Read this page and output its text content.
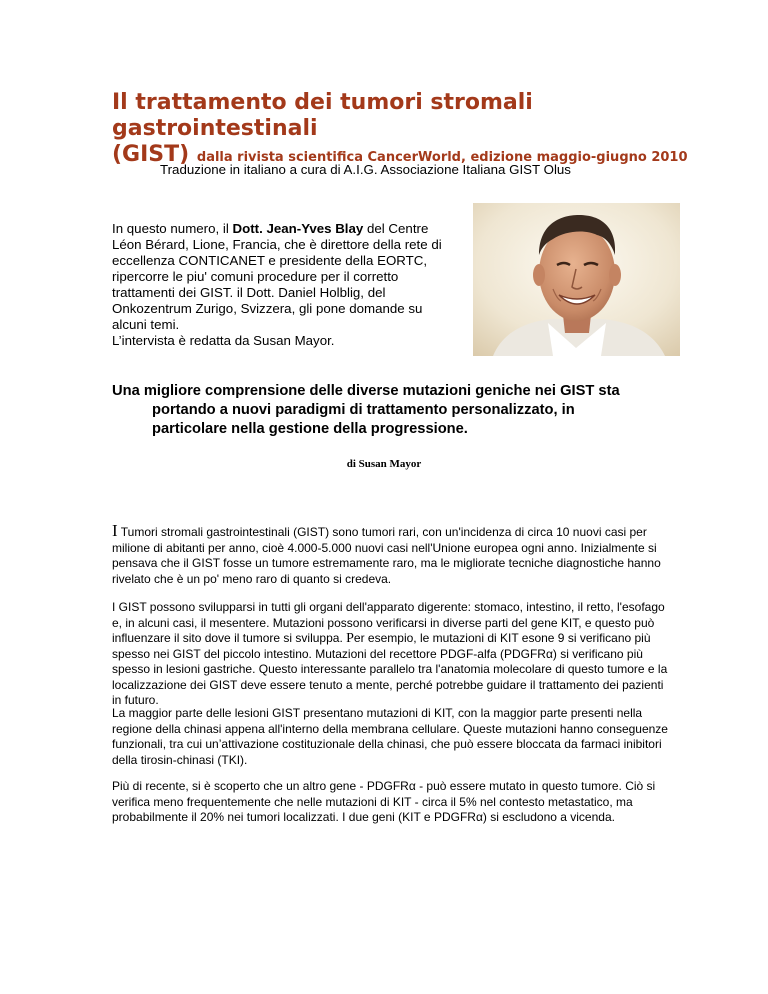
Il trattamento dei tumori stromali gastrointestinali
(GIST) dalla rivista scientifica CancerWorld, edizione maggio-giugno 2010
Traduzione in italiano a cura di A.I.G. Associazione Italiana GIST Olus

In questo numero, il Dott. Jean-Yves Blay del Centre Léon Bérard, Lione, Francia, che è direttore della rete di eccellenza CONTICANET e presidente della EORTC, ripercorre le piu' comuni procedure per il corretto trattamenti dei GIST. il Dott. Daniel Holblig, del Onkozentrum Zurigo, Svizzera, gli pone domande su alcuni temi.
L’intervista è redatta da Susan Mayor.

Una migliore comprensione delle diverse mutazioni geniche nei GIST sta
portando a nuovi paradigmi di trattamento personalizzato, in
particolare nella gestione della progressione.
di Susan Mayor

I Tumori stromali gastrointestinali (GIST) sono tumori rari, con un'incidenza di circa 10 nuovi casi per milione di abitanti per anno, cioè 4.000-5.000 nuovi casi nell'Unione europea ogni anno. Inizialmente si pensava che il GIST fosse un tumore estremamente raro, ma le migliorate tecniche diagnostiche hanno rivelato che è un po' meno raro di quanto si credeva.

I GIST possono svilupparsi in tutti gli organi dell'apparato digerente: stomaco, intestino, il retto, l'esofago e, in alcuni casi, il mesentere. Mutazioni possono verificarsi in diverse parti del gene KIT, e questo può influenzare il sito dove il tumore si sviluppa. Per esempio, le mutazioni di KIT esone 9 si verificano più spesso nei GIST del piccolo intestino. Mutazioni del recettore PDGF-alfa (PDGFRα) si verificano più spesso in lesioni gastriche. Questo interessante parallelo tra l'anatomia molecolare di questo tumore e la localizzazione dei GIST deve essere tenuto a mente, perché potrebbe guidare il trattamento dei pazienti in futuro.

La maggior parte delle lesioni GIST presentano mutazioni di KIT, con la maggior parte presenti nella regione della chinasi appena all'interno della membrana cellulare. Queste mutazioni hanno conseguenze funzionali, tra cui un’attivazione costituzionale della chinasi, che può essere bloccata da farmaci inibitori della tirosin-chinasi (TKI).

Più di recente, si è scoperto che un altro gene - PDGFRα - può essere mutato in questo tumore. Ciò si verifica meno frequentemente che nelle mutazioni di KIT - circa il 5% nel contesto metastatico, ma probabilmente il 20% nei tumori localizzati. I due geni (KIT e PDGFRα) si escludono a vicenda.
